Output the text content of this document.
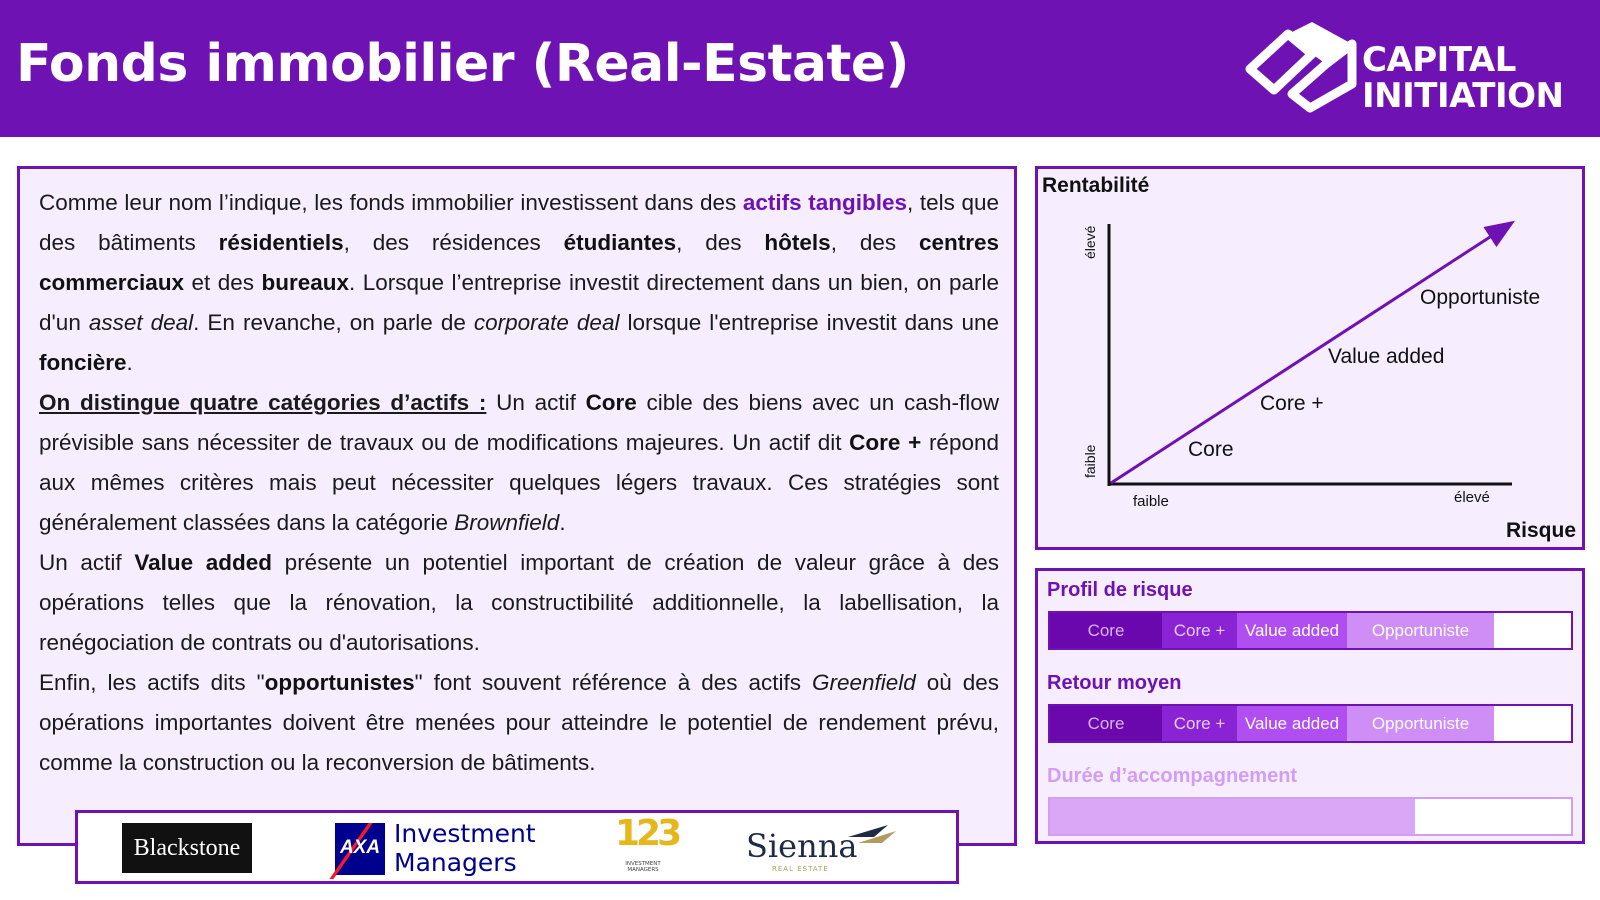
Fonds immobilier (Real-Estate)	CAPITAL
INITIATION

Comme leur nom l’indique, les fonds immobilier investissent dans des actifs tangibles, tels que des bâtiments résidentiels, des résidences étudiantes, des hôtels, des centres commerciaux et des bureaux. Lorsque l’entreprise investit directement dans un bien, on parle d'un asset deal. En revanche, on parle de corporate deal lorsque l'entreprise investit dans une foncière.

On distingue quatre catégories d’actifs : Un actif Core cible des biens avec un cash-flow prévisible sans nécessiter de travaux ou de modifications majeures. Un actif dit Core + répond aux mêmes critères mais peut nécessiter quelques légers travaux. Ces stratégies sont généralement classées dans la catégorie Brownfield.

Un actif Value added présente un potentiel important de création de valeur grâce à des opérations telles que la rénovation, la constructibilité additionnelle, la labellisation, la renégociation de contrats ou d'autorisations.

Enfin, les actifs dits "opportunistes" font souvent référence à des actifs Greenfield où des opérations importantes doivent être menées pour atteindre le potentiel de rendement prévu, comme la construction ou la reconversion de bâtiments.

Blackstone	AXA Investment
Managers
123
INVESTMENT
MANAGERS
Sienna
REAL ESTATE
Rentabilité
élevé
faible
faible	élevé
Core
Core +
Value added
Opportuniste
Risque
Profil de risque
Core	Core +	Value added	Opportuniste
Retour moyen
Core	Core +	Value added	Opportuniste
Durée d’accompagnement
